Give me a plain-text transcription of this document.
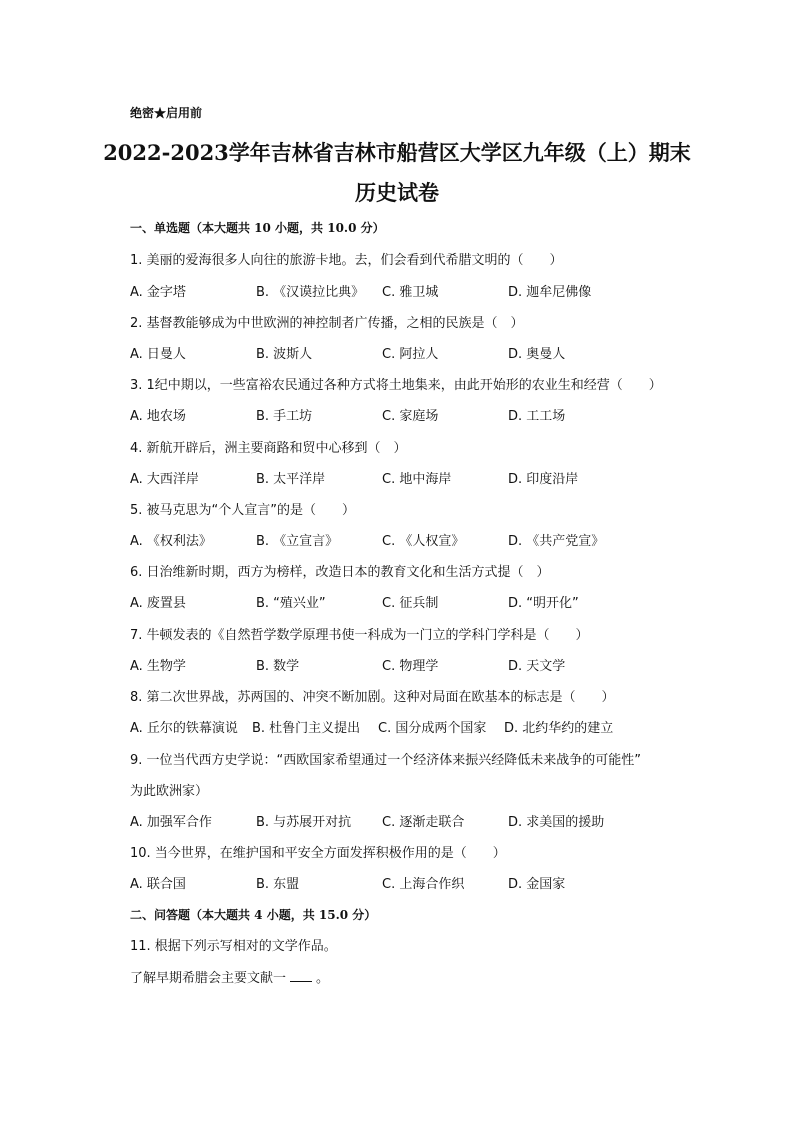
绝密★启用前
2022-2023学年吉林省吉林市船营区大学区九年级（上）期末
历史试卷
一、单选题（本大题共 10 小题，共 10.0 分）
1. 美丽的爱海很多人向往的旅游卡地。去，们会看到代希腊文明的（　　）
A. 金字塔	B. 《汉谟拉比典》 C. 雅卫城	D. 迦牟尼佛像
2. 基督教能够成为中世欧洲的神控制者广传播，之相的民族是（　）
A. 日曼人	B. 波斯人	C. 阿拉人	D. 奥曼人
3. 1纪中期以，一些富裕农民通过各种方式将土地集来，由此开始形的农业生和经营（　　）
A. 地农场	B. 手工坊	C. 家庭场	D. 工工场
4. 新航开辟后，洲主要商路和贸中心移到（　）
A. 大西洋岸	B. 太平洋岸	C. 地中海岸	D. 印度沿岸
5. 被马克思为“个人宣言”的是（　　）
A. 《权利法》	B. 《立宣言》	C. 《人权宣》	D. 《共产党宣》
6. 日治维新时期，西方为榜样，改造日本的教育文化和生活方式提（　）
A. 废置县	B. “殖兴业”	C. 征兵制	D. “明开化”
7. 牛顿发表的《自然哲学数学原理书使一科成为一门立的学科门学科是（　　）
A. 生物学	B. 数学	C. 物理学	D. 天文学
8. 第二次世界战，苏两国的、冲突不断加剧。这种对局面在欧基本的标志是（　　）
A. 丘尔的铁幕演说 B. 杜鲁门主义提出 C. 国分成两个国家 D. 北约华约的建立
9. 一位当代西方史学说：“西欧国家希望通过一个经济体来振兴经降低未来战争的可能性”
为此欧洲家）
A. 加强军合作	B. 与苏展开对抗 C. 逐渐走联合	D. 求美国的援助
10. 当今世界，在维护国和平安全方面发挥积极作用的是（　　）
A. 联合国	B. 东盟	C. 上海合作织	D. 金国家
二、问答题（本大题共 4 小题，共 15.0 分）
11. 根据下列示写相对的文学作品。
了解早期希腊会主要文献一 。
